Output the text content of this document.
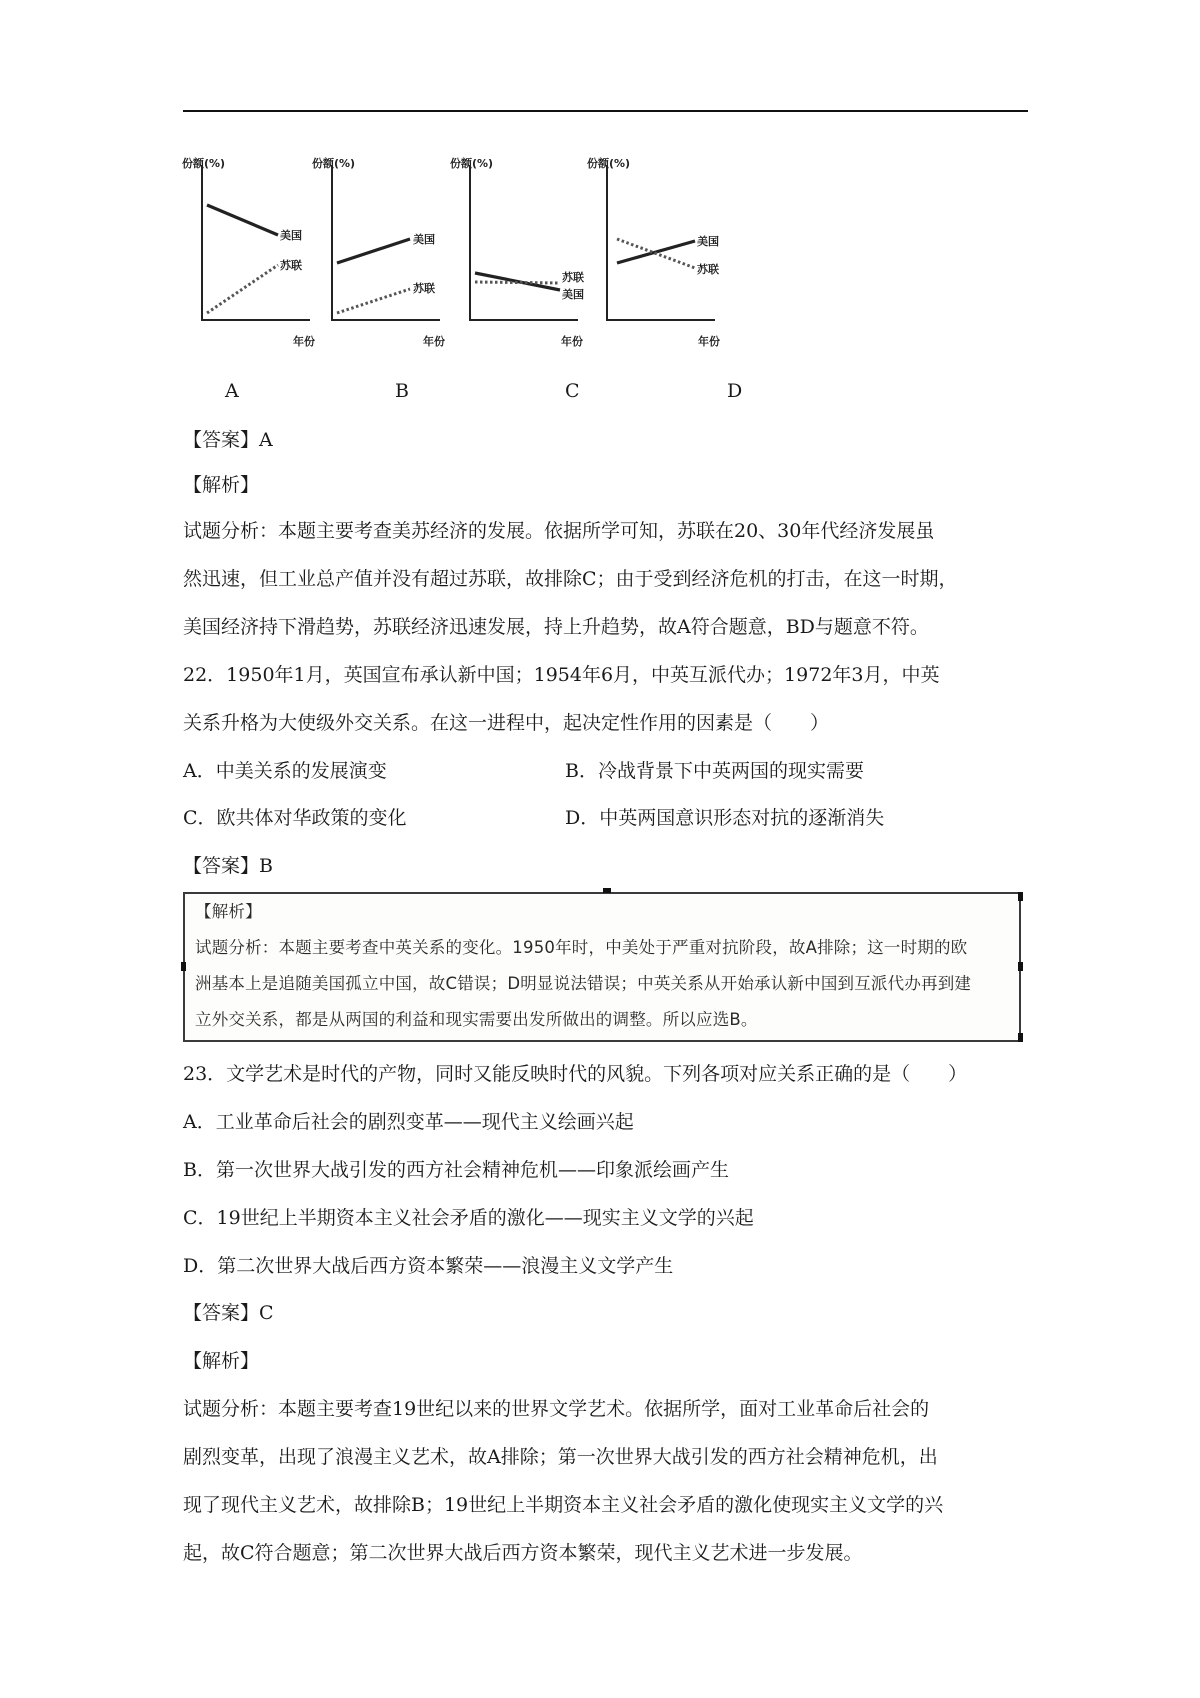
份额(%)
美国
苏联
年份
份额(%)
美国
苏联
年份
份额(%)
苏联
美国
年份
份额(%)
美国
苏联
年份
A	B	C	D
【答案】A
【解析】
试题分析：本题主要考查美苏经济的发展。依据所学可知，苏联在20、30年代经济发展虽
然迅速，但工业总产值并没有超过苏联，故排除C；由于受到经济危机的打击，在这一时期，
美国经济持下滑趋势，苏联经济迅速发展，持上升趋势，故A符合题意，BD与题意不符。
22．1950年1月，英国宣布承认新中国；1954年6月，中英互派代办；1972年3月，中英
关系升格为大使级外交关系。在这一进程中，起决定性作用的因素是（　　）
A．中美关系的发展演变	B．冷战背景下中英两国的现实需要
C．欧共体对华政策的变化	D．中英两国意识形态对抗的逐渐消失
【答案】B
【解析】
试题分析：本题主要考查中英关系的变化。1950年时，中美处于严重对抗阶段，故A排除；这一时期的欧
洲基本上是追随美国孤立中国，故C错误；D明显说法错误；中英关系从开始承认新中国到互派代办再到建
立外交关系，都是从两国的利益和现实需要出发所做出的调整。所以应选B。
23．文学艺术是时代的产物，同时又能反映时代的风貌。下列各项对应关系正确的是（　　）
A．工业革命后社会的剧烈变革——现代主义绘画兴起
B．第一次世界大战引发的西方社会精神危机——印象派绘画产生
C．19世纪上半期资本主义社会矛盾的激化——现实主义文学的兴起
D．第二次世界大战后西方资本繁荣——浪漫主义文学产生
【答案】C
【解析】
试题分析：本题主要考查19世纪以来的世界文学艺术。依据所学，面对工业革命后社会的
剧烈变革，出现了浪漫主义艺术，故A排除；第一次世界大战引发的西方社会精神危机，出
现了现代主义艺术，故排除B；19世纪上半期资本主义社会矛盾的激化使现实主义文学的兴
起，故C符合题意；第二次世界大战后西方资本繁荣，现代主义艺术进一步发展。
